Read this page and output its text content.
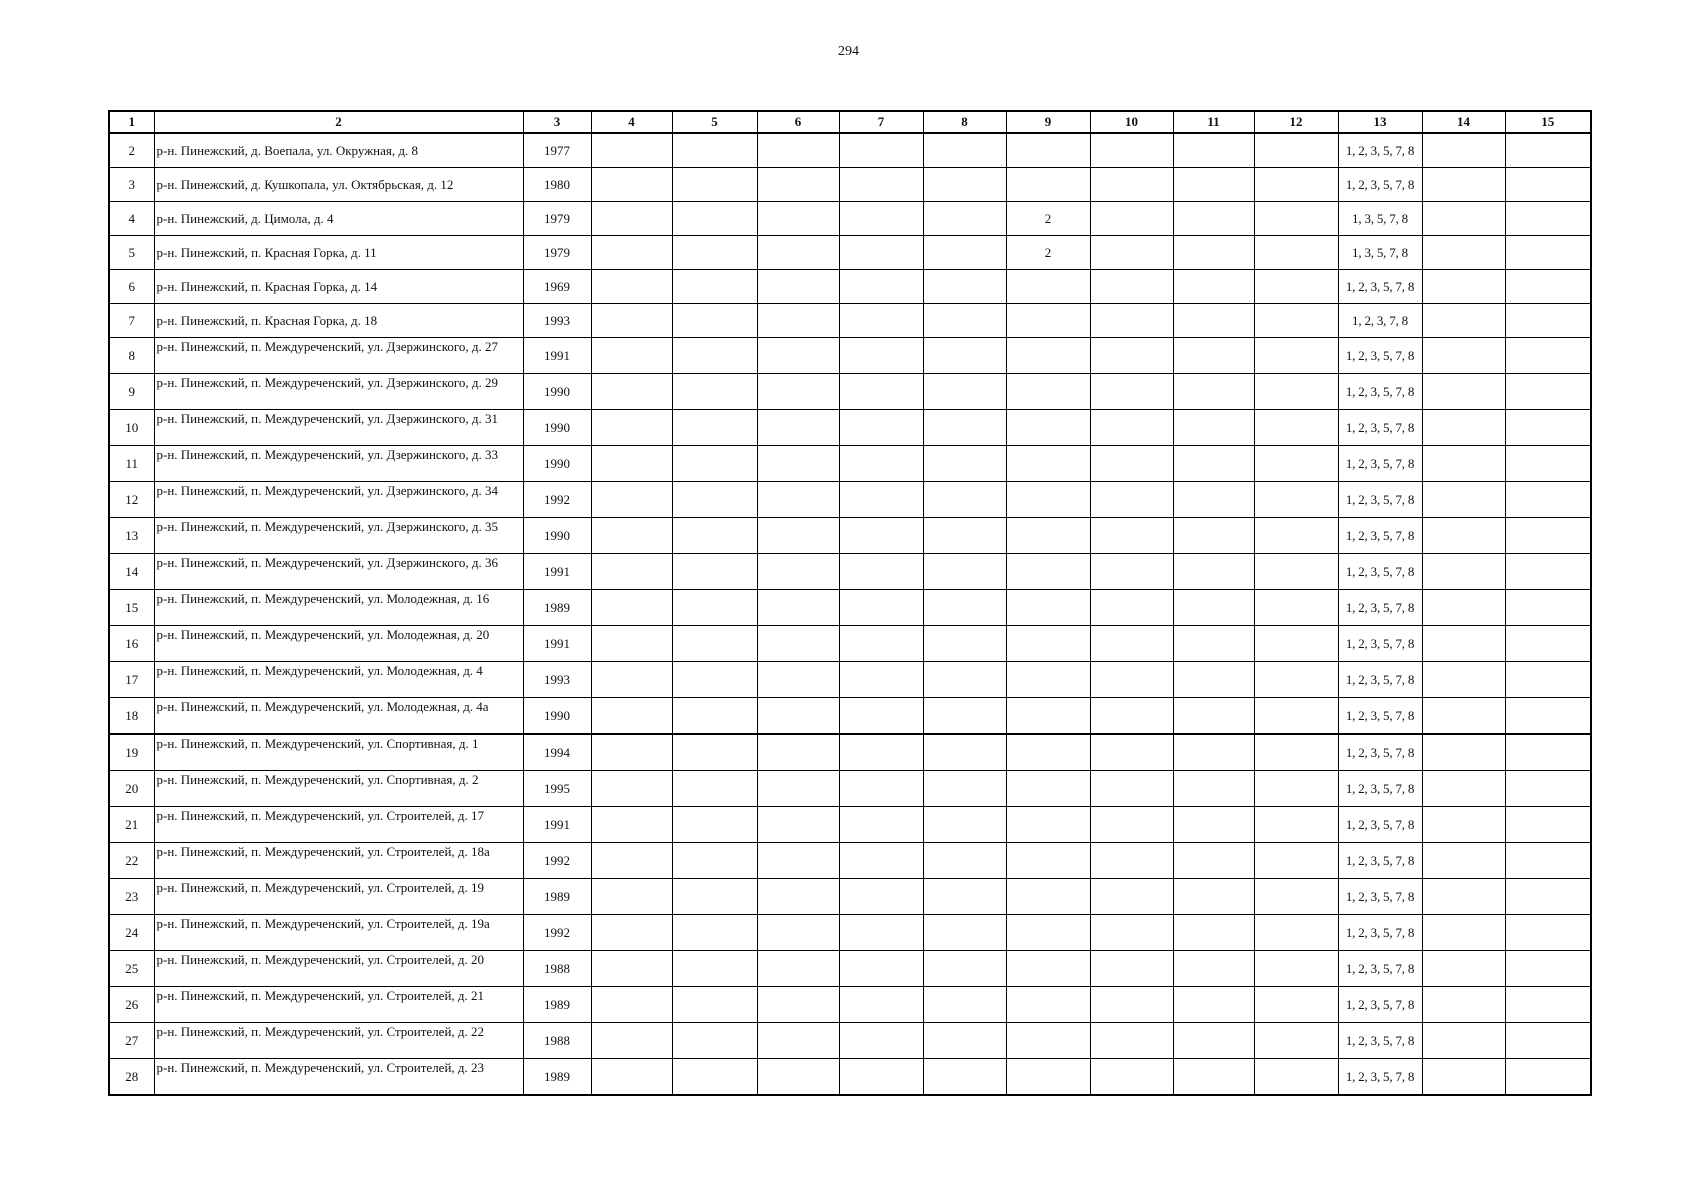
294
1	2	3	4	5	6	7	8	9	10	11	12	13	14	15
2	р-н. Пинежский, д. Воепала, ул. Окружная, д. 8	1977										1, 2, 3, 5, 7, 8		
3	р-н. Пинежский, д. Кушкопала, ул. Октябрьская, д. 12	1980										1, 2, 3, 5, 7, 8		
4	р-н. Пинежский, д. Цимола, д. 4	1979						2				1, 3, 5, 7, 8		
5	р-н. Пинежский, п. Красная Горка, д. 11	1979						2				1, 3, 5, 7, 8		
6	р-н. Пинежский, п. Красная Горка, д. 14	1969										1, 2, 3, 5, 7, 8		
7	р-н. Пинежский, п. Красная Горка, д. 18	1993										1, 2, 3, 7, 8		
8	р-н. Пинежский, п. Междуреченский, ул. Дзержинского, д. 27	1991										1, 2, 3, 5, 7, 8		
9	р-н. Пинежский, п. Междуреченский, ул. Дзержинского, д. 29	1990										1, 2, 3, 5, 7, 8		
10	р-н. Пинежский, п. Междуреченский, ул. Дзержинского, д. 31	1990										1, 2, 3, 5, 7, 8		
11	р-н. Пинежский, п. Междуреченский, ул. Дзержинского, д. 33	1990										1, 2, 3, 5, 7, 8		
12	р-н. Пинежский, п. Междуреченский, ул. Дзержинского, д. 34	1992										1, 2, 3, 5, 7, 8		
13	р-н. Пинежский, п. Междуреченский, ул. Дзержинского, д. 35	1990										1, 2, 3, 5, 7, 8		
14	р-н. Пинежский, п. Междуреченский, ул. Дзержинского, д. 36	1991										1, 2, 3, 5, 7, 8		
15	р-н. Пинежский, п. Междуреченский, ул. Молодежная, д. 16	1989										1, 2, 3, 5, 7, 8		
16	р-н. Пинежский, п. Междуреченский, ул. Молодежная, д. 20	1991										1, 2, 3, 5, 7, 8		
17	р-н. Пинежский, п. Междуреченский, ул. Молодежная, д. 4	1993										1, 2, 3, 5, 7, 8		
18	р-н. Пинежский, п. Междуреченский, ул. Молодежная, д. 4а	1990										1, 2, 3, 5, 7, 8		
19	р-н. Пинежский, п. Междуреченский, ул. Спортивная, д. 1	1994										1, 2, 3, 5, 7, 8		
20	р-н. Пинежский, п. Междуреченский, ул. Спортивная, д. 2	1995										1, 2, 3, 5, 7, 8		
21	р-н. Пинежский, п. Междуреченский, ул. Строителей, д. 17	1991										1, 2, 3, 5, 7, 8		
22	р-н. Пинежский, п. Междуреченский, ул. Строителей, д. 18а	1992										1, 2, 3, 5, 7, 8		
23	р-н. Пинежский, п. Междуреченский, ул. Строителей, д. 19	1989										1, 2, 3, 5, 7, 8		
24	р-н. Пинежский, п. Междуреченский, ул. Строителей, д. 19а	1992										1, 2, 3, 5, 7, 8		
25	р-н. Пинежский, п. Междуреченский, ул. Строителей, д. 20	1988										1, 2, 3, 5, 7, 8		
26	р-н. Пинежский, п. Междуреченский, ул. Строителей, д. 21	1989										1, 2, 3, 5, 7, 8		
27	р-н. Пинежский, п. Междуреченский, ул. Строителей, д. 22	1988										1, 2, 3, 5, 7, 8		
28	р-н. Пинежский, п. Междуреченский, ул. Строителей, д. 23	1989										1, 2, 3, 5, 7, 8		
